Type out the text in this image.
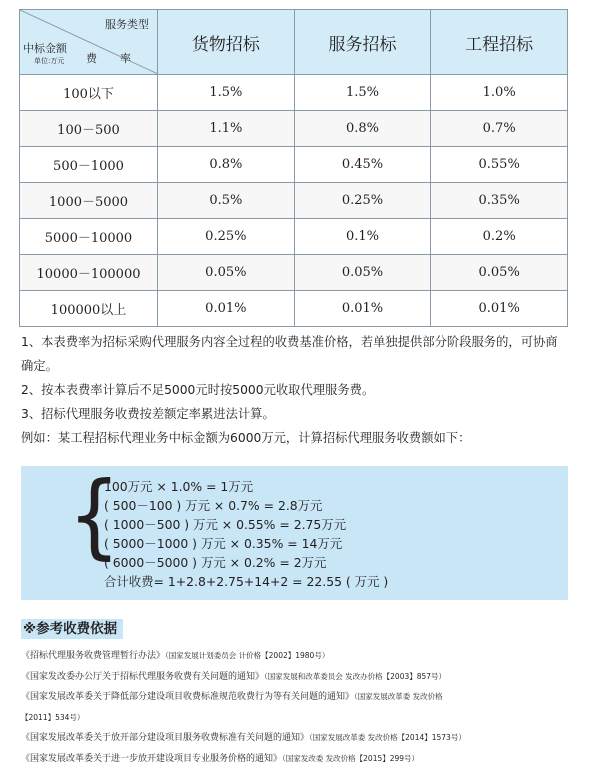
服务类型
费　率
中标金额
单位:万元	货物招标	服务招标	工程招标
100以下	1.5%	1.5%	1.0%
100－500	1.1%	0.8%	0.7%
500－1000	0.8%	0.45%	0.55%
1000－5000	0.5%	0.25%	0.35%
5000－10000	0.25%	0.1%	0.2%
10000－100000	0.05%	0.05%	0.05%
100000以上	0.01%	0.01%	0.01%

1、本表费率为招标采购代理服务内容全过程的收费基准价格，若单独提供部分阶段服务的，可协商确定。

2、按本表费率计算后不足5000元时按5000元收取代理服务费。

3、招标代理服务收费按差额定率累进法计算。

例如：某工程招标代理业务中标金额为6000万元，计算招标代理服务收费额如下：

{
100万元 × 1.0% = 1万元
( 500－100 ) 万元 × 0.7% = 2.8万元
( 1000－500 ) 万元 × 0.55% = 2.75万元
( 5000－1000 ) 万元 × 0.35% = 14万元
( 6000－5000 ) 万元 × 0.2% = 2万元
合计收费= 1+2.8+2.75+14+2 = 22.55 ( 万元 )
※参考收费依据
《招标代理服务收费管理暂行办法》（国家发展计划委员会 计价格【2002】1980号）
《国家发改委办公厅关于招标代理服务收费有关问题的通知》（国家发展和改革委员会 发改办价格【2003】857号）
《国家发展改革委关于降低部分建设项目收费标准规范收费行为等有关问题的通知》（国家发展改革委 发改价格
【2011】534号）
《国家发展改革委关于放开部分建设项目服务收费标准有关问题的通知》（国家发展改革委 发改价格【2014】1573号）
《国家发展改革委关于进一步放开建设项目专业服务价格的通知》（国家发改委 发改价格【2015】299号）
